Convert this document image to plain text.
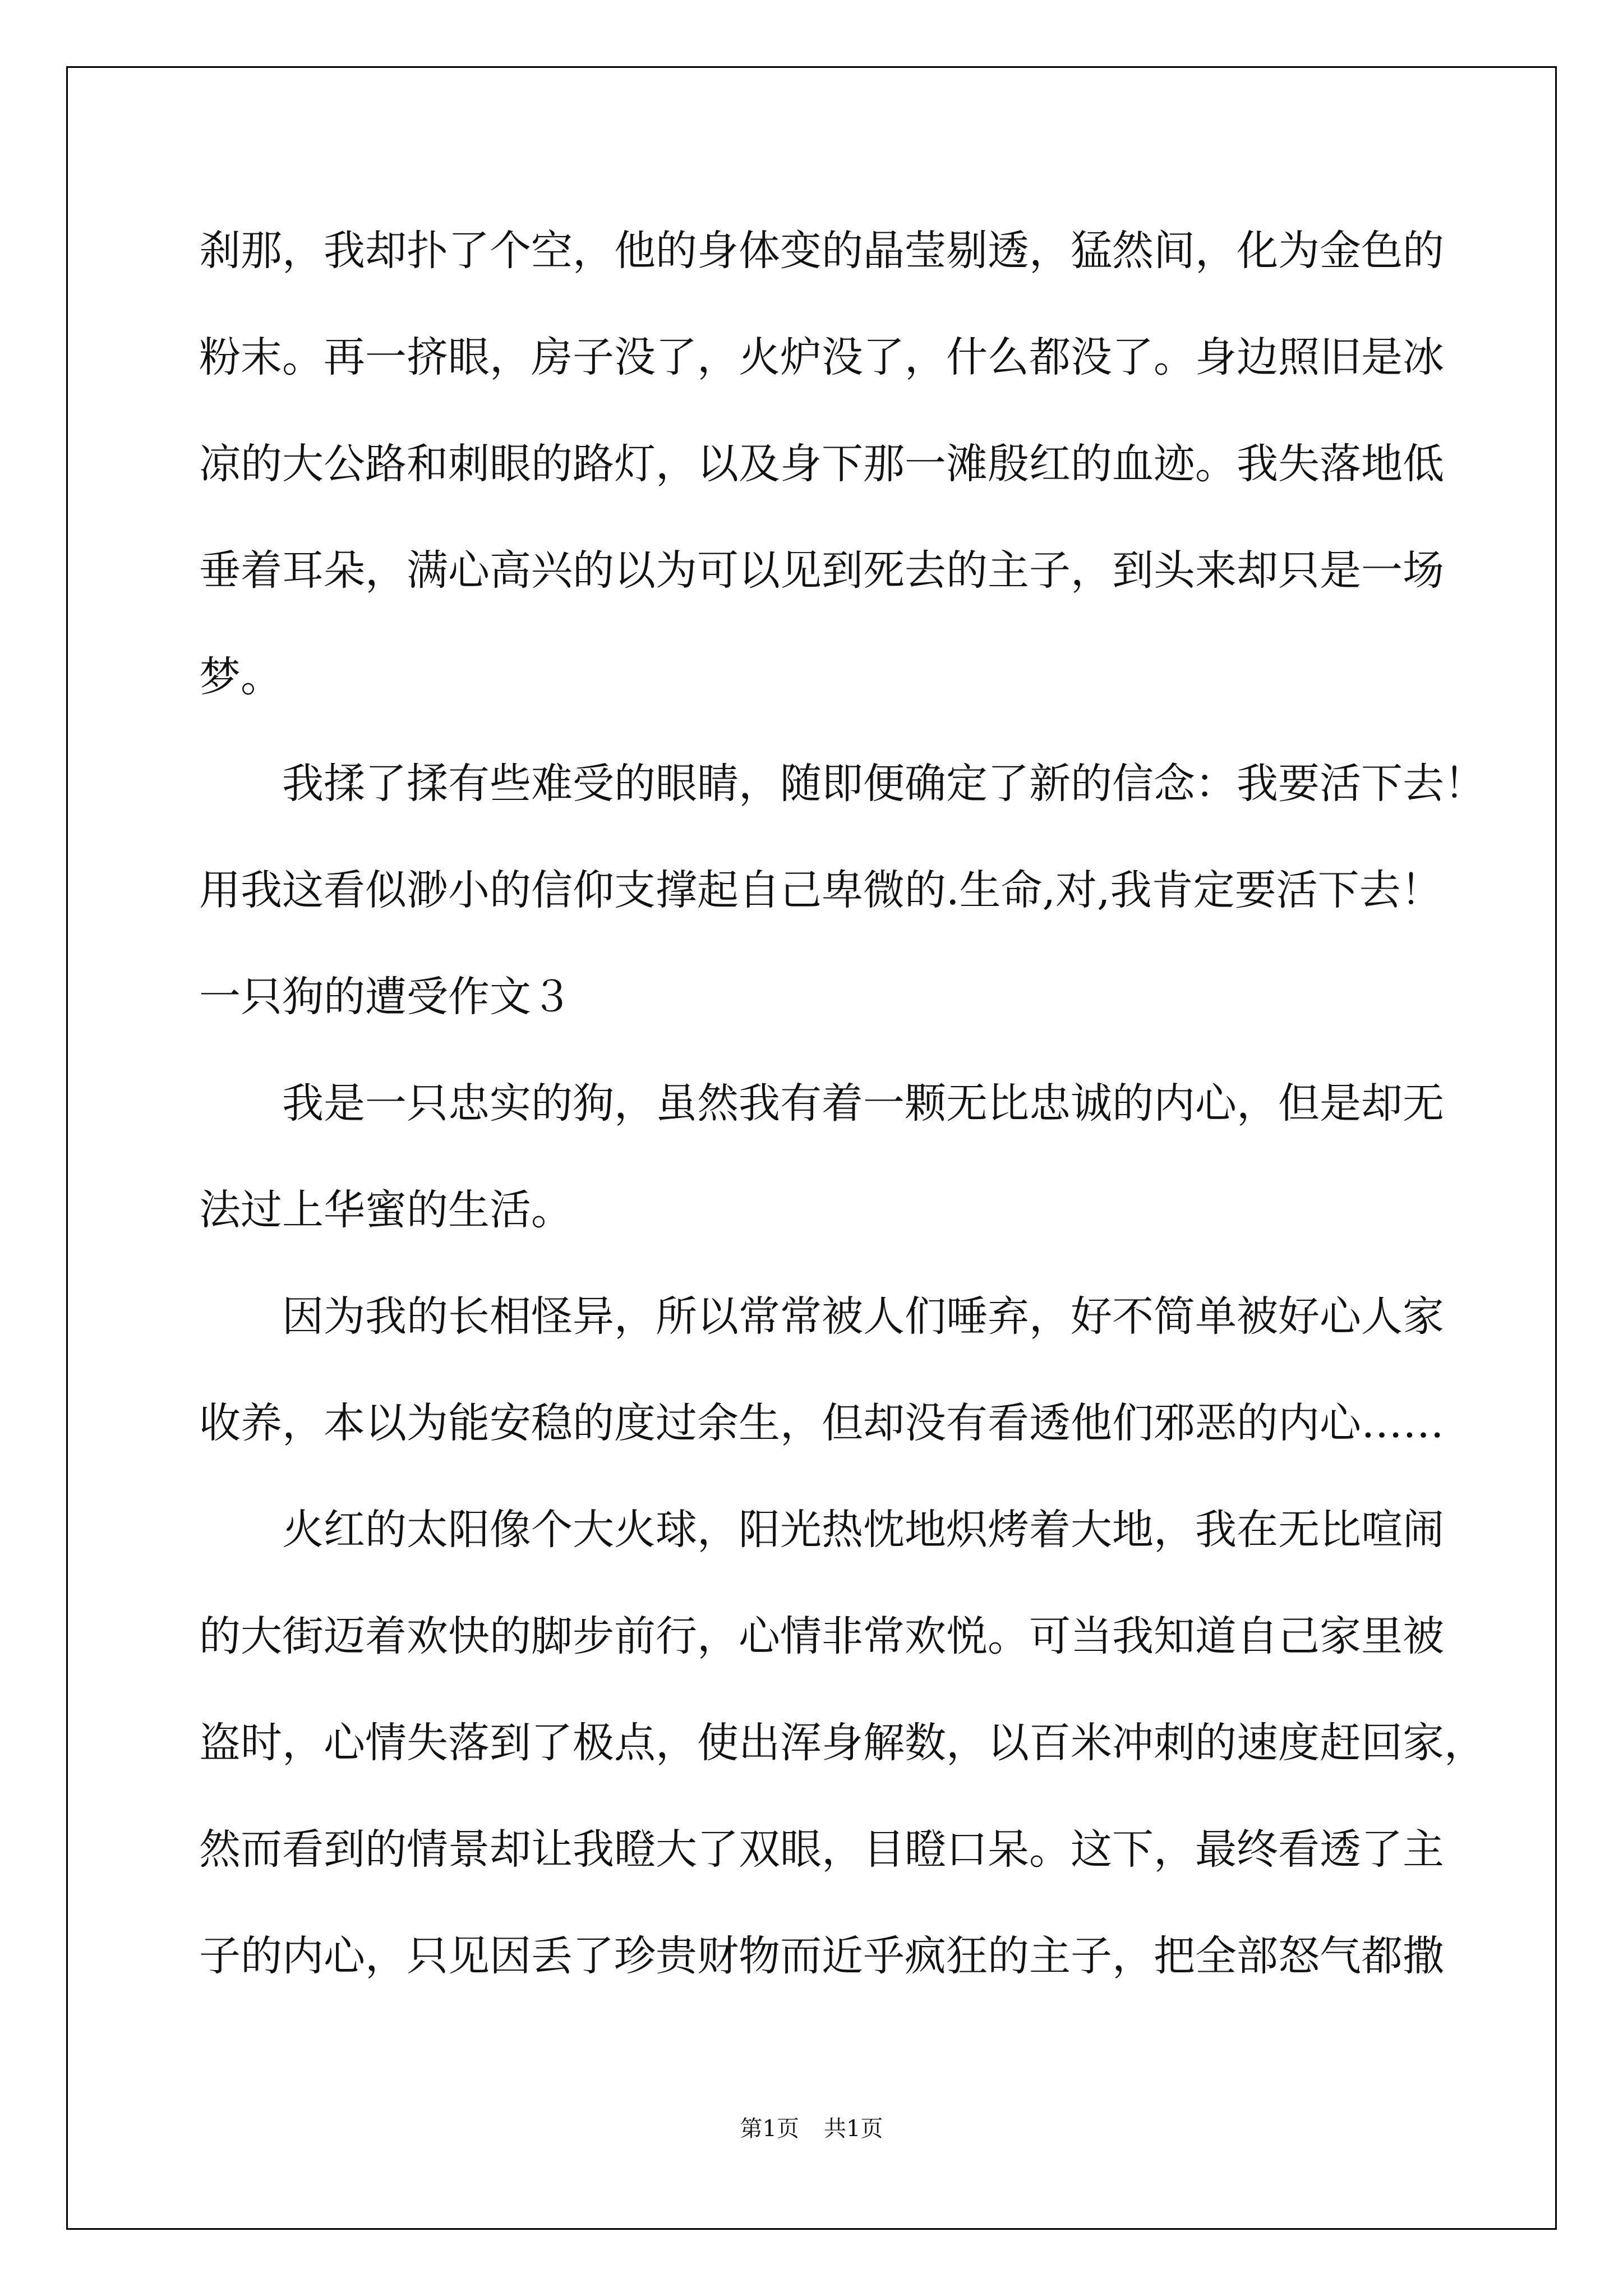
刹那，我却扑了个空，他的身体变的晶莹剔透，猛然间，化为金色的

粉末。再一挤眼，房子没了，火炉没了，什么都没了。身边照旧是冰

凉的大公路和刺眼的路灯，以及身下那一滩殷红的血迹。我失落地低

垂着耳朵，满心高兴的以为可以见到死去的主子，到头来却只是一场

梦。

我揉了揉有些难受的眼睛，随即便确定了新的信念：我要活下去！

用我这看似渺小的信仰支撑起自己卑微的.生命,对,我肯定要活下去！

一只狗的遭受作文３

我是一只忠实的狗，虽然我有着一颗无比忠诚的内心，但是却无

法过上华蜜的生活。

因为我的长相怪异，所以常常被人们唾弃，好不简单被好心人家

收养，本以为能安稳的度过余生，但却没有看透他们邪恶的内心……

火红的太阳像个大火球，阳光热忱地炽烤着大地，我在无比喧闹

的大街迈着欢快的脚步前行，心情非常欢悦。可当我知道自己家里被

盗时，心情失落到了极点，使出浑身解数，以百米冲刺的速度赶回家，

然而看到的情景却让我瞪大了双眼，目瞪口呆。这下，最终看透了主

子的内心，只见因丢了珍贵财物而近乎疯狂的主子，把全部怒气都撒

第1页 共1页
